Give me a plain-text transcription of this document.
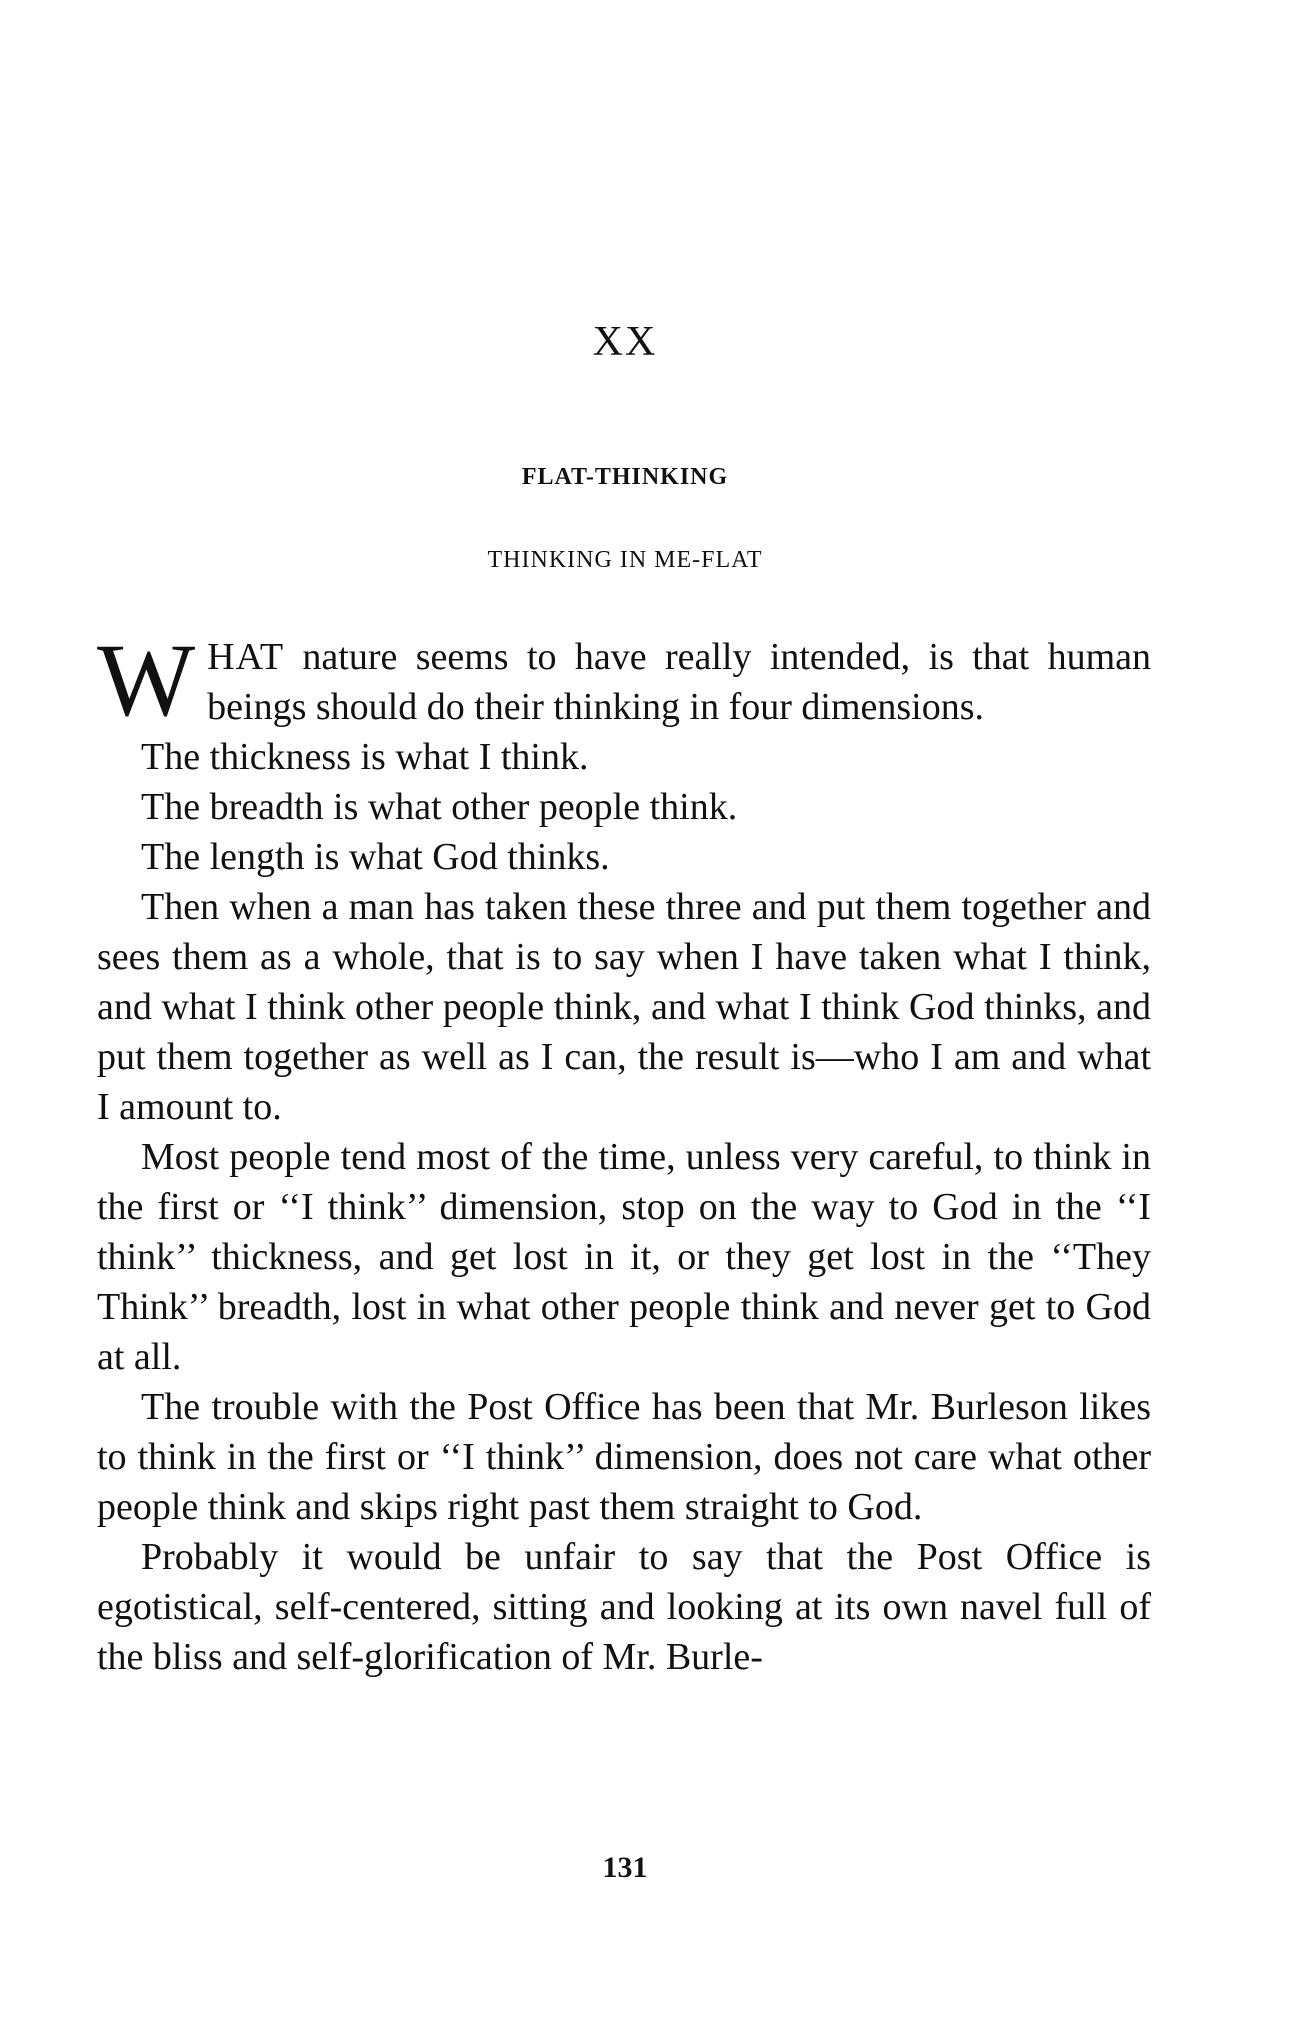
XX
FLAT-THINKING
THINKING IN ME-FLAT

WHAT nature seems to have really intended, is that human beings should do their thinking in four dimensions.

The thickness is what I think.

The breadth is what other people think.

The length is what God thinks.

Then when a man has taken these three and put them together and sees them as a whole, that is to say when I have taken what I think, and what I think other people think, and what I think God thinks, and put them together as well as I can, the result is—who I am and what I amount to.

Most people tend most of the time, unless very careful, to think in the first or ‘‘I think’’ dimension, stop on the way to God in the ‘‘I think’’ thickness, and get lost in it, or they get lost in the ‘‘They Think’’ breadth, lost in what other people think and never get to God at all.

The trouble with the Post Office has been that Mr. Burleson likes to think in the first or ‘‘I think’’ dimension, does not care what other people think and skips right past them straight to God.

Probably it would be unfair to say that the Post Office is egotistical, self-centered, sitting and looking at its own navel full of the bliss and self-glorification of Mr. Burle-

131
